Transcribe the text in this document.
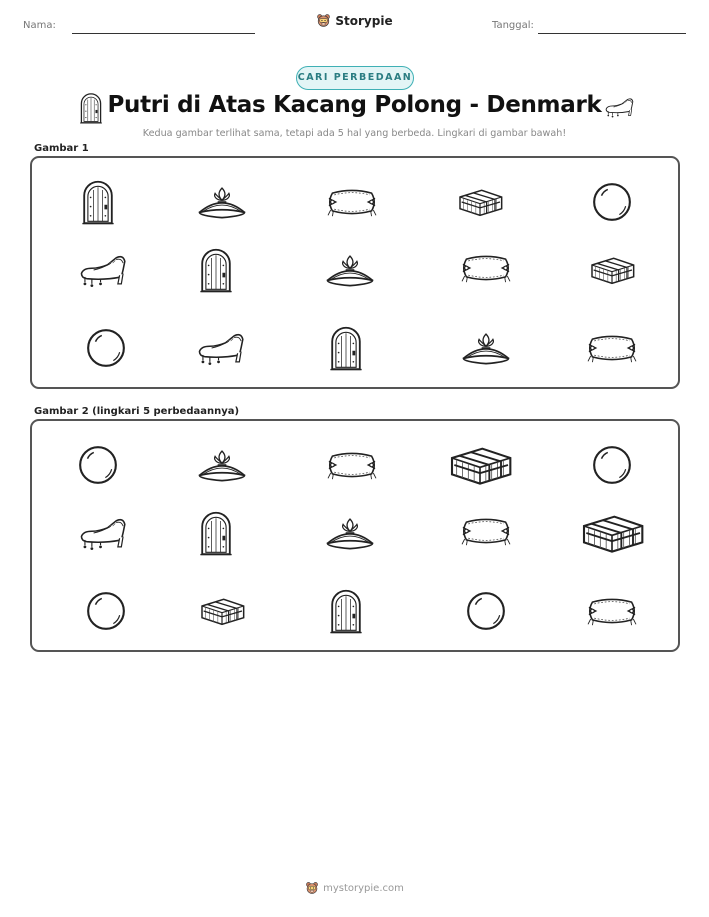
Nama:	Storypie	Tanggal:
CARI PERBEDAAN
Putri di Atas Kacang Polong - Denmark
Kedua gambar terlihat sama, tetapi ada 5 hal yang berbeda. Lingkari di gambar bawah!
Gambar 1
Gambar 2 (lingkari 5 perbedaannya)
mystorypie.com
